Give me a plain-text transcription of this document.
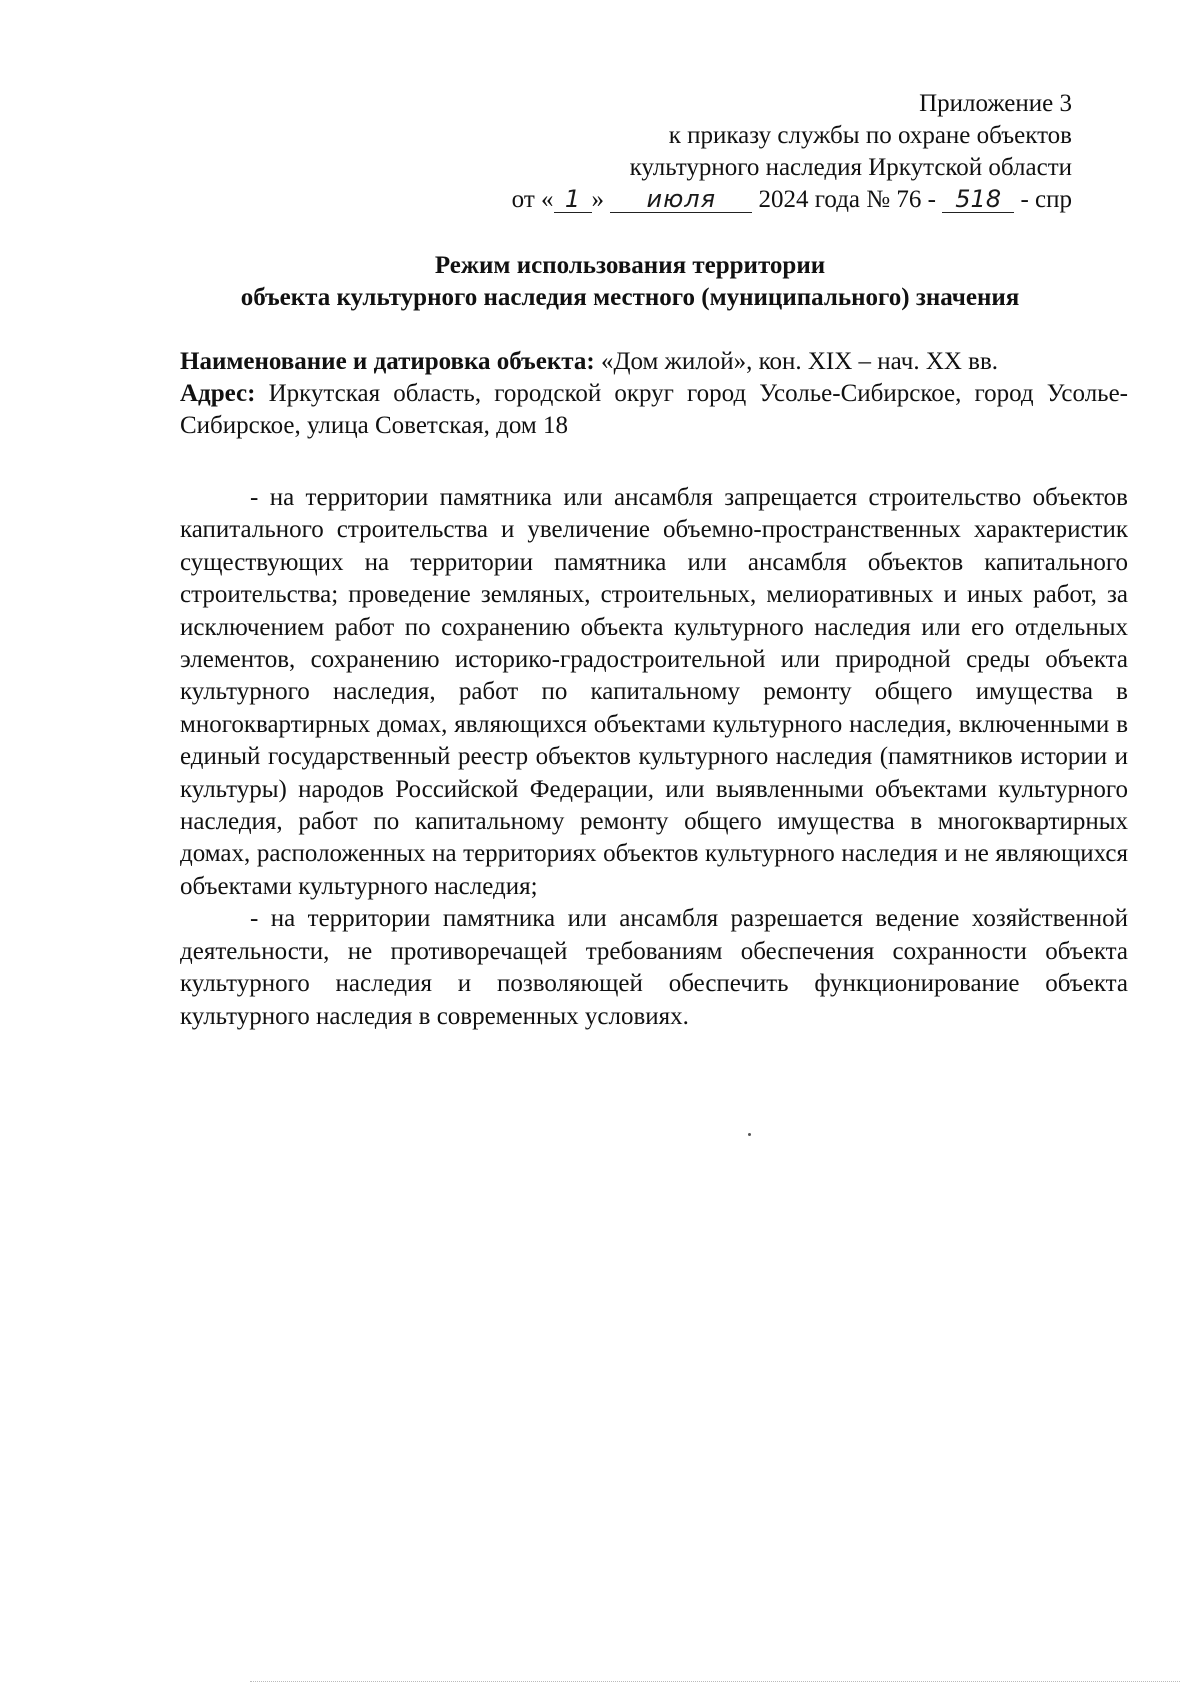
Приложение 3
к приказу службы по охране объектов
культурного наследия Иркутской области
от « 1 » июля 2024 года № 76 - 518 - спр
Режим использования территории
объекта культурного наследия местного (муниципального) значения
Наименование и датировка объекта: «Дом жилой», кон. XIX – нач. XX вв.
Адрес: Иркутская область, городской округ город Усолье-Сибирское, город Усолье-Сибирское, улица Советская, дом 18

- на территории памятника или ансамбля запрещается строительство объектов капитального строительства и увеличение объемно-пространственных характеристик существующих на территории памятника или ансамбля объектов капитального строительства; проведение земляных, строительных, мелиоративных и иных работ, за исключением работ по сохранению объекта культурного наследия или его отдельных элементов, сохранению историко-градостроительной или природной среды объекта культурного наследия, работ по капитальному ремонту общего имущества в многоквартирных домах, являющихся объектами культурного наследия, включенными в единый государственный реестр объектов культурного наследия (памятников истории и культуры) народов Российской Федерации, или выявленными объектами культурного наследия, работ по капитальному ремонту общего имущества в многоквартирных домах, расположенных на территориях объектов культурного наследия и не являющихся объектами культурного наследия;

- на территории памятника или ансамбля разрешается ведение хозяйственной деятельности, не противоречащей требованиям обеспечения сохранности объекта культурного наследия и позволяющей обеспечить функционирование объекта культурного наследия в современных условиях.
